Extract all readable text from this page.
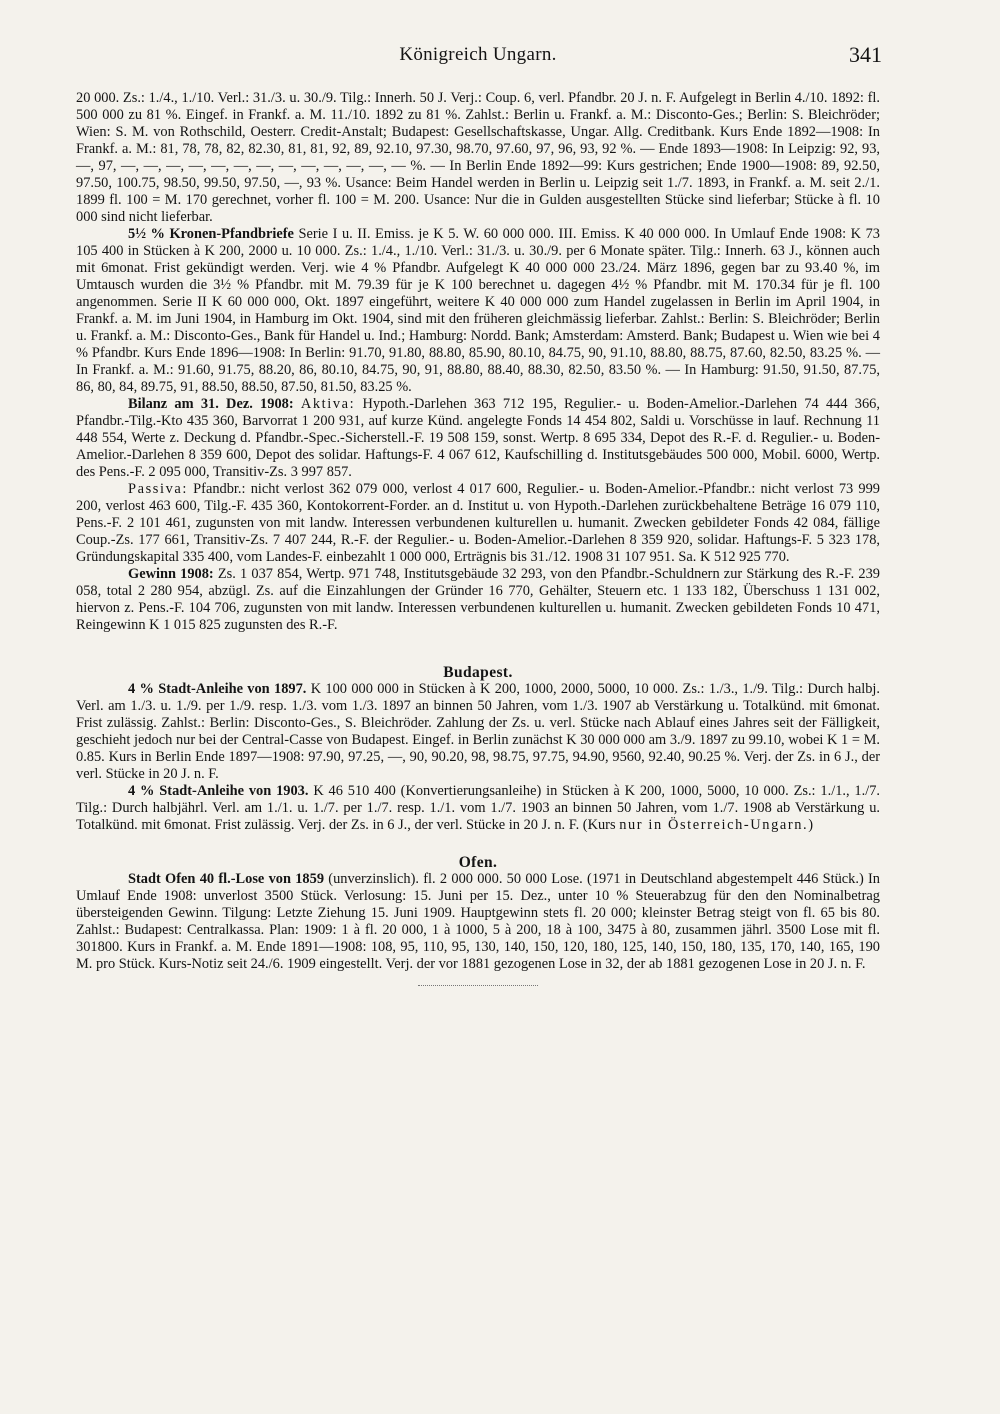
Königreich Ungarn.	341

20 000. Zs.: 1./4., 1./10. Verl.: 31./3. u. 30./9. Tilg.: Innerh. 50 J. Verj.: Coup. 6, verl. Pfandbr. 20 J. n. F. Aufgelegt in Berlin 4./10. 1892: fl. 500 000 zu 81 %. Eingef. in Frankf. a. M. 11./10. 1892 zu 81 %. Zahlst.: Berlin u. Frankf. a. M.: Disconto-Ges.; Berlin: S. Bleichröder; Wien: S. M. von Rothschild, Oesterr. Credit-Anstalt; Budapest: Gesellschaftskasse, Ungar. Allg. Creditbank. Kurs Ende 1892—1908: In Frankf. a. M.: 81, 78, 78, 82, 82.30, 81, 81, 92, 89, 92.10, 97.30, 98.70, 97.60, 97, 96, 93, 92 %. — Ende 1893—1908: In Leipzig: 92, 93, —, 97, —, —, —, —, —, —, —, —, —, —, —, —, — %. — In Berlin Ende 1892—99: Kurs gestrichen; Ende 1900—1908: 89, 92.50, 97.50, 100.75, 98.50, 99.50, 97.50, —, 93 %. Usance: Beim Handel werden in Berlin u. Leipzig seit 1./7. 1893, in Frankf. a. M. seit 2./1. 1899 fl. 100 = M. 170 gerechnet, vorher fl. 100 = M. 200. Usance: Nur die in Gulden ausgestellten Stücke sind lieferbar; Stücke à fl. 10 000 sind nicht lieferbar.

5½ % Kronen-Pfandbriefe Serie I u. II. Emiss. je K 5. W. 60 000 000. III. Emiss. K 40 000 000. In Umlauf Ende 1908: K 73 105 400 in Stücken à K 200, 2000 u. 10 000. Zs.: 1./4., 1./10. Verl.: 31./3. u. 30./9. per 6 Monate später. Tilg.: Innerh. 63 J., können auch mit 6monat. Frist gekündigt werden. Verj. wie 4 % Pfandbr. Aufgelegt K 40 000 000 23./24. März 1896, gegen bar zu 93.40 %, im Umtausch wurden die 3½ % Pfandbr. mit M. 79.39 für je K 100 berechnet u. dagegen 4½ % Pfandbr. mit M. 170.34 für je fl. 100 angenommen. Serie II K 60 000 000, Okt. 1897 eingeführt, weitere K 40 000 000 zum Handel zugelassen in Berlin im April 1904, in Frankf. a. M. im Juni 1904, in Hamburg im Okt. 1904, sind mit den früheren gleichmässig lieferbar. Zahlst.: Berlin: S. Bleichröder; Berlin u. Frankf. a. M.: Disconto-Ges., Bank für Handel u. Ind.; Hamburg: Nordd. Bank; Amsterdam: Amsterd. Bank; Budapest u. Wien wie bei 4 % Pfandbr. Kurs Ende 1896—1908: In Berlin: 91.70, 91.80, 88.80, 85.90, 80.10, 84.75, 90, 91.10, 88.80, 88.75, 87.60, 82.50, 83.25 %. — In Frankf. a. M.: 91.60, 91.75, 88.20, 86, 80.10, 84.75, 90, 91, 88.80, 88.40, 88.30, 82.50, 83.50 %. — In Hamburg: 91.50, 91.50, 87.75, 86, 80, 84, 89.75, 91, 88.50, 88.50, 87.50, 81.50, 83.25 %.

Bilanz am 31. Dez. 1908: Aktiva: Hypoth.-Darlehen 363 712 195, Regulier.- u. Boden-Amelior.-Darlehen 74 444 366, Pfandbr.-Tilg.-Kto 435 360, Barvorrat 1 200 931, auf kurze Künd. angelegte Fonds 14 454 802, Saldi u. Vorschüsse in lauf. Rechnung 11 448 554, Werte z. Deckung d. Pfandbr.-Spec.-Sicherstell.-F. 19 508 159, sonst. Wertp. 8 695 334, Depot des R.-F. d. Regulier.- u. Boden-Amelior.-Darlehen 8 359 600, Depot des solidar. Haftungs-F. 4 067 612, Kaufschilling d. Institutsgebäudes 500 000, Mobil. 6000, Wertp. des Pens.-F. 2 095 000, Transitiv-Zs. 3 997 857.

Passiva: Pfandbr.: nicht verlost 362 079 000, verlost 4 017 600, Regulier.- u. Boden-Amelior.-Pfandbr.: nicht verlost 73 999 200, verlost 463 600, Tilg.-F. 435 360, Kontokorrent-Forder. an d. Institut u. von Hypoth.-Darlehen zurückbehaltene Beträge 16 079 110, Pens.-F. 2 101 461, zugunsten von mit landw. Interessen verbundenen kulturellen u. humanit. Zwecken gebildeter Fonds 42 084, fällige Coup.-Zs. 177 661, Transitiv-Zs. 7 407 244, R.-F. der Regulier.- u. Boden-Amelior.-Darlehen 8 359 920, solidar. Haftungs-F. 5 323 178, Gründungskapital 335 400, vom Landes-F. einbezahlt 1 000 000, Erträgnis bis 31./12. 1908 31 107 951. Sa. K 512 925 770.

Gewinn 1908: Zs. 1 037 854, Wertp. 971 748, Institutsgebäude 32 293, von den Pfandbr.-Schuldnern zur Stärkung des R.-F. 239 058, total 2 280 954, abzügl. Zs. auf die Einzahlungen der Gründer 16 770, Gehälter, Steuern etc. 1 133 182, Überschuss 1 131 002, hiervon z. Pens.-F. 104 706, zugunsten von mit landw. Interessen verbundenen kulturellen u. humanit. Zwecken gebildeten Fonds 10 471, Reingewinn K 1 015 825 zugunsten des R.-F.

Budapest.

4 % Stadt-Anleihe von 1897. K 100 000 000 in Stücken à K 200, 1000, 2000, 5000, 10 000. Zs.: 1./3., 1./9. Tilg.: Durch halbj. Verl. am 1./3. u. 1./9. per 1./9. resp. 1./3. vom 1./3. 1897 an binnen 50 Jahren, vom 1./3. 1907 ab Verstärkung u. Totalkünd. mit 6monat. Frist zulässig. Zahlst.: Berlin: Disconto-Ges., S. Bleichröder. Zahlung der Zs. u. verl. Stücke nach Ablauf eines Jahres seit der Fälligkeit, geschieht jedoch nur bei der Central-Casse von Budapest. Eingef. in Berlin zunächst K 30 000 000 am 3./9. 1897 zu 99.10, wobei K 1 = M. 0.85. Kurs in Berlin Ende 1897—1908: 97.90, 97.25, —, 90, 90.20, 98, 98.75, 97.75, 94.90, 9560, 92.40, 90.25 %. Verj. der Zs. in 6 J., der verl. Stücke in 20 J. n. F.

4 % Stadt-Anleihe von 1903. K 46 510 400 (Konvertierungsanleihe) in Stücken à K 200, 1000, 5000, 10 000. Zs.: 1./1., 1./7. Tilg.: Durch halbjährl. Verl. am 1./1. u. 1./7. per 1./7. resp. 1./1. vom 1./7. 1903 an binnen 50 Jahren, vom 1./7. 1908 ab Verstärkung u. Totalkünd. mit 6monat. Frist zulässig. Verj. der Zs. in 6 J., der verl. Stücke in 20 J. n. F. (Kurs nur in Österreich-Ungarn.)

Ofen.

Stadt Ofen 40 fl.-Lose von 1859 (unverzinslich). fl. 2 000 000. 50 000 Lose. (1971 in Deutschland abgestempelt 446 Stück.) In Umlauf Ende 1908: unverlost 3500 Stück. Verlosung: 15. Juni per 15. Dez., unter 10 % Steuerabzug für den den Nominalbetrag übersteigenden Gewinn. Tilgung: Letzte Ziehung 15. Juni 1909. Hauptgewinn stets fl. 20 000; kleinster Betrag steigt von fl. 65 bis 80. Zahlst.: Budapest: Centralkassa. Plan: 1909: 1 à fl. 20 000, 1 à 1000, 5 à 200, 18 à 100, 3475 à 80, zusammen jährl. 3500 Lose mit fl. 301800. Kurs in Frankf. a. M. Ende 1891—1908: 108, 95, 110, 95, 130, 140, 150, 120, 180, 125, 140, 150, 180, 135, 170, 140, 165, 190 M. pro Stück. Kurs-Notiz seit 24./6. 1909 eingestellt. Verj. der vor 1881 gezogenen Lose in 32, der ab 1881 gezogenen Lose in 20 J. n. F.
